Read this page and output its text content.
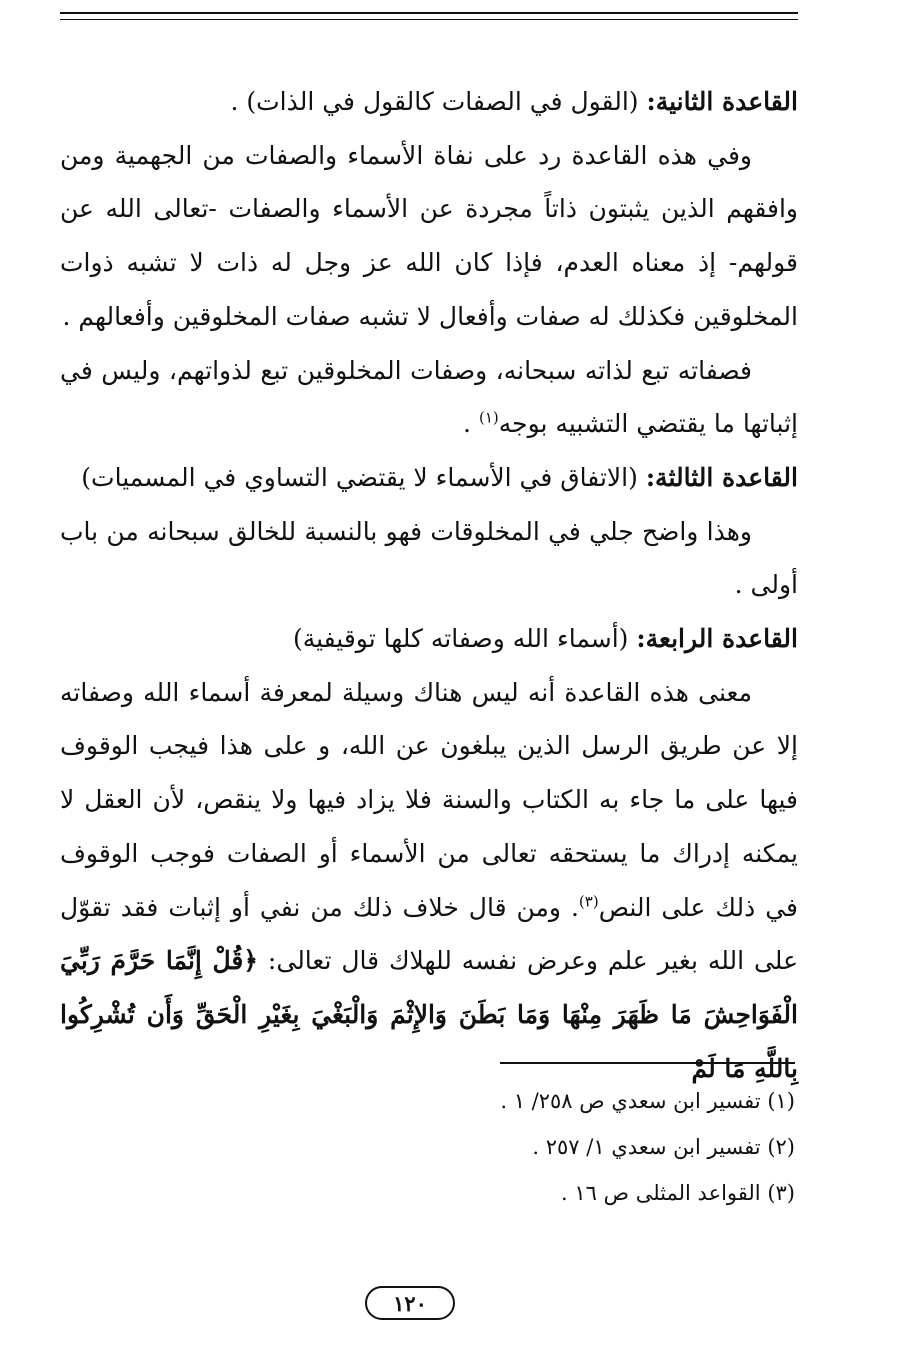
القاعدة الثانية: (القول في الصفات كالقول في الذات) .

وفي هذه القاعدة رد على نفاة الأسماء والصفات من الجهمية ومن وافقهم الذين يثبتون ذاتاً مجردة عن الأسماء والصفات -تعالى الله عن قولهم- إذ معناه العدم، فإذا كان الله عز وجل له ذات لا تشبه ذوات المخلوقين فكذلك له صفات وأفعال لا تشبه صفات المخلوقين وأفعالهم .

فصفاته تبع لذاته سبحانه، وصفات المخلوقين تبع لذواتهم، وليس في إثباتها ما يقتضي التشبيه بوجه$^{(١)}$ .

القاعدة الثالثة: (الاتفاق في الأسماء لا يقتضي التساوي في المسميات)

وهذا واضح جلي في المخلوقات فهو بالنسبة للخالق سبحانه من باب أولى .

القاعدة الرابعة: (أسماء الله وصفاته كلها توقيفية)

معنى هذه القاعدة أنه ليس هناك وسيلة لمعرفة أسماء الله وصفاته إلا عن طريق الرسل الذين يبلغون عن الله، و على هذا فيجب الوقوف فيها على ما جاء به الكتاب والسنة فلا يزاد فيها ولا ينقص، لأن العقل لا يمكنه إدراك ما يستحقه تعالى من الأسماء أو الصفات فوجب الوقوف في ذلك على النص$^{(٣)}$. ومن قال خلاف ذلك من نفي أو إثبات فقد تقوّل على الله بغير علم وعرض نفسه للهلاك قال تعالى: ﴿قُلْ إِنَّمَا حَرَّمَ رَبِّيَ الْفَوَاحِشَ مَا ظَهَرَ مِنْهَا وَمَا بَطَنَ وَالإِثْمَ وَالْبَغْيَ بِغَيْرِ الْحَقِّ وَأَن تُشْرِكُوا بِاللَّهِ مَا لَمْ

(١) تفسير ابن سعدي ص ٢٥٨/ ١ .
(٢) تفسير ابن سعدي ١/ ٢٥٧ .
(٣) القواعد المثلى ص ١٦ .
١٢٠
